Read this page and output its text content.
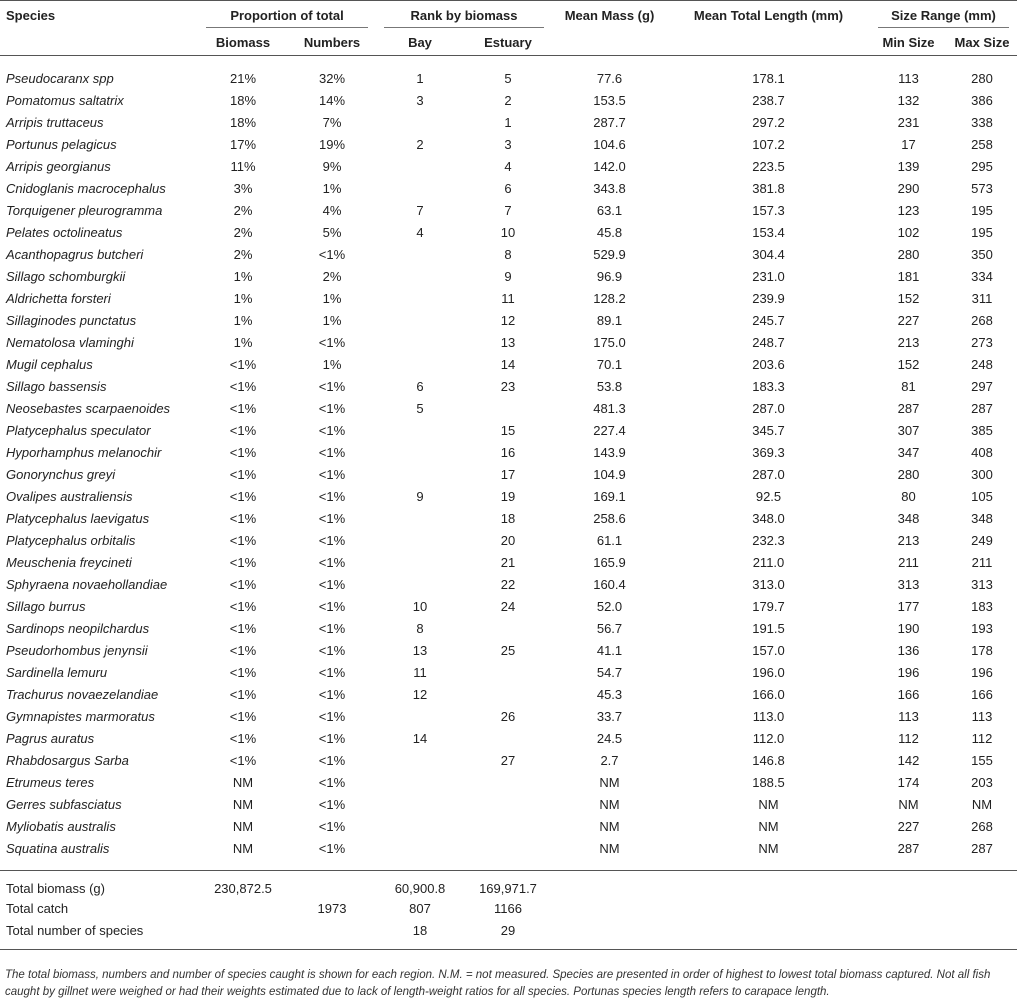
Species	Proportion of total		Rank by biomass		Mean Mass (g)	Mean Total Length (mm)	Size Range (mm)	
	Biomass	Numbers	Bay	Estuary			Min Size	Max Size

Pseudocaranx spp	21%	32%	1	5	77.6	178.1	113	280
Pomatomus saltatrix	18%	14%	3	2	153.5	238.7	132	386
Arripis truttaceus	18%	7%		1	287.7	297.2	231	338
Portunus pelagicus	17%	19%	2	3	104.6	107.2	17	258
Arripis georgianus	11%	9%		4	142.0	223.5	139	295
Cnidoglanis macrocephalus	3%	1%		6	343.8	381.8	290	573
Torquigener pleurogramma	2%	4%	7	7	63.1	157.3	123	195
Pelates octolineatus	2%	5%	4	10	45.8	153.4	102	195
Acanthopagrus butcheri	2%	<1%		8	529.9	304.4	280	350
Sillago schomburgkii	1%	2%		9	96.9	231.0	181	334
Aldrichetta forsteri	1%	1%		11	128.2	239.9	152	311
Sillaginodes punctatus	1%	1%		12	89.1	245.7	227	268
Nematolosa vlaminghi	1%	<1%		13	175.0	248.7	213	273
Mugil cephalus	<1%	1%		14	70.1	203.6	152	248
Sillago bassensis	<1%	<1%	6	23	53.8	183.3	81	297
Neosebastes scarpaenoides	<1%	<1%	5		481.3	287.0	287	287
Platycephalus speculator	<1%	<1%		15	227.4	345.7	307	385
Hyporhamphus melanochir	<1%	<1%		16	143.9	369.3	347	408
Gonorynchus greyi	<1%	<1%		17	104.9	287.0	280	300
Ovalipes australiensis	<1%	<1%	9	19	169.1	92.5	80	105
Platycephalus laevigatus	<1%	<1%		18	258.6	348.0	348	348
Platycephalus orbitalis	<1%	<1%		20	61.1	232.3	213	249
Meuschenia freycineti	<1%	<1%		21	165.9	211.0	211	211
Sphyraena novaehollandiae	<1%	<1%		22	160.4	313.0	313	313
Sillago burrus	<1%	<1%	10	24	52.0	179.7	177	183
Sardinops neopilchardus	<1%	<1%	8		56.7	191.5	190	193
Pseudorhombus jenynsii	<1%	<1%	13	25	41.1	157.0	136	178
Sardinella lemuru	<1%	<1%	11		54.7	196.0	196	196
Trachurus novaezelandiae	<1%	<1%	12		45.3	166.0	166	166
Gymnapistes marmoratus	<1%	<1%		26	33.7	113.0	113	113
Pagrus auratus	<1%	<1%	14		24.5	112.0	112	112
Rhabdosargus Sarba	<1%	<1%		27	2.7	146.8	142	155
Etrumeus teres	NM	<1%			NM	188.5	174	203
Gerres subfasciatus	NM	<1%			NM	NM	NM	NM
Myliobatis australis	NM	<1%			NM	NM	227	268
Squatina australis	NM	<1%			NM	NM	287	287

Total biomass (g)	230,872.5		60,900.8	169,971.7				
Total catch		1973	807	1166				
Total number of species			18	29				
The total biomass, numbers and number of species caught is shown for each region. N.M. = not measured. Species are presented in order of highest to lowest total biomass captured. Not all fish caught by gillnet were weighed or had their weights estimated due to lack of length-weight ratios for all species. Portunas species length refers to carapace length.
